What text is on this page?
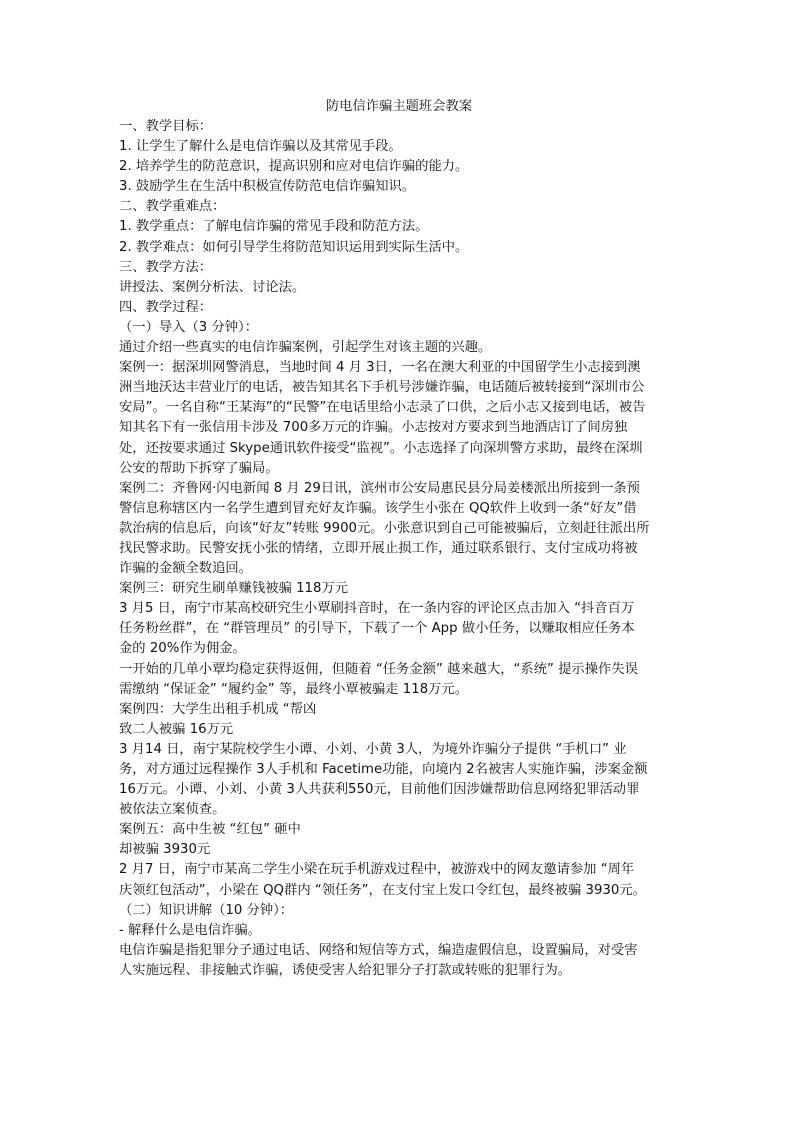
防电信诈骗主题班会教案

一、教学目标：

1. 让学生了解什么是电信诈骗以及其常见手段。

2. 培养学生的防范意识，提高识别和应对电信诈骗的能力。

3. 鼓励学生在生活中积极宣传防范电信诈骗知识。

二、教学重难点：

1. 教学重点：了解电信诈骗的常见手段和防范方法。

2. 教学难点：如何引导学生将防范知识运用到实际生活中。

三、教学方法：

讲授法、案例分析法、讨论法。

四、教学过程：

（一）导入（3 分钟）：

通过介绍一些真实的电信诈骗案例，引起学生对该主题的兴趣。

案例一：据深圳网警消息，当地时间 4 月 3日，一名在澳大利亚的中国留学生小志接到澳

洲当地沃达丰营业厅的电话，被告知其名下手机号涉嫌诈骗，电话随后被转接到“深圳市公

安局”。一名自称“王某海”的“民警”在电话里给小志录了口供，之后小志又接到电话，被告

知其名下有一张信用卡涉及 700多万元的诈骗。小志按对方要求到当地酒店订了间房独

处，还按要求通过 Skype通讯软件接受“监视”。小志选择了向深圳警方求助，最终在深圳

公安的帮助下拆穿了骗局。

案例二：齐鲁网·闪电新闻 8 月 29日讯，滨州市公安局惠民县分局姜楼派出所接到一条预

警信息称辖区内一名学生遭到冒充好友诈骗。该学生小张在 QQ软件上收到一条“好友”借

款治病的信息后，向该“好友”转账 9900元。小张意识到自己可能被骗后，立刻赶往派出所

找民警求助。民警安抚小张的情绪，立即开展止损工作，通过联系银行、支付宝成功将被

诈骗的金额全数追回。

案例三：研究生刷单赚钱被骗 118万元

3 月5 日，南宁市某高校研究生小覃刷抖音时，在一条内容的评论区点击加入 “抖音百万

任务粉丝群”，在 “群管理员” 的引导下，下载了一个 App 做小任务，以赚取相应任务本

金的 20%作为佣金。

一开始的几单小覃均稳定获得返佣，但随着 “任务金额” 越来越大，“系统” 提示操作失误

需缴纳 “保证金” “履约金” 等，最终小覃被骗走 118万元。

案例四：大学生出租手机成 “帮凶

致二人被骗 16万元

3 月14 日，南宁某院校学生小谭、小刘、小黄 3人，为境外诈骗分子提供 “手机口” 业

务，对方通过远程操作 3人手机和 Facetime功能，向境内 2名被害人实施诈骗，涉案金额

16万元。小谭、小刘、小黄 3人共获利550元，目前他们因涉嫌帮助信息网络犯罪活动罪

被依法立案侦查。

案例五：高中生被 “红包” 砸中

却被骗 3930元

2 月7 日，南宁市某高二学生小梁在玩手机游戏过程中，被游戏中的网友邀请参加 “周年

庆领红包活动”，小梁在 QQ群内 “领任务”，在支付宝上发口令红包，最终被骗 3930元。

（二）知识讲解（10 分钟）：

- 解释什么是电信诈骗。

电信诈骗是指犯罪分子通过电话、网络和短信等方式，编造虚假信息，设置骗局，对受害

人实施远程、非接触式诈骗，诱使受害人给犯罪分子打款或转账的犯罪行为。
